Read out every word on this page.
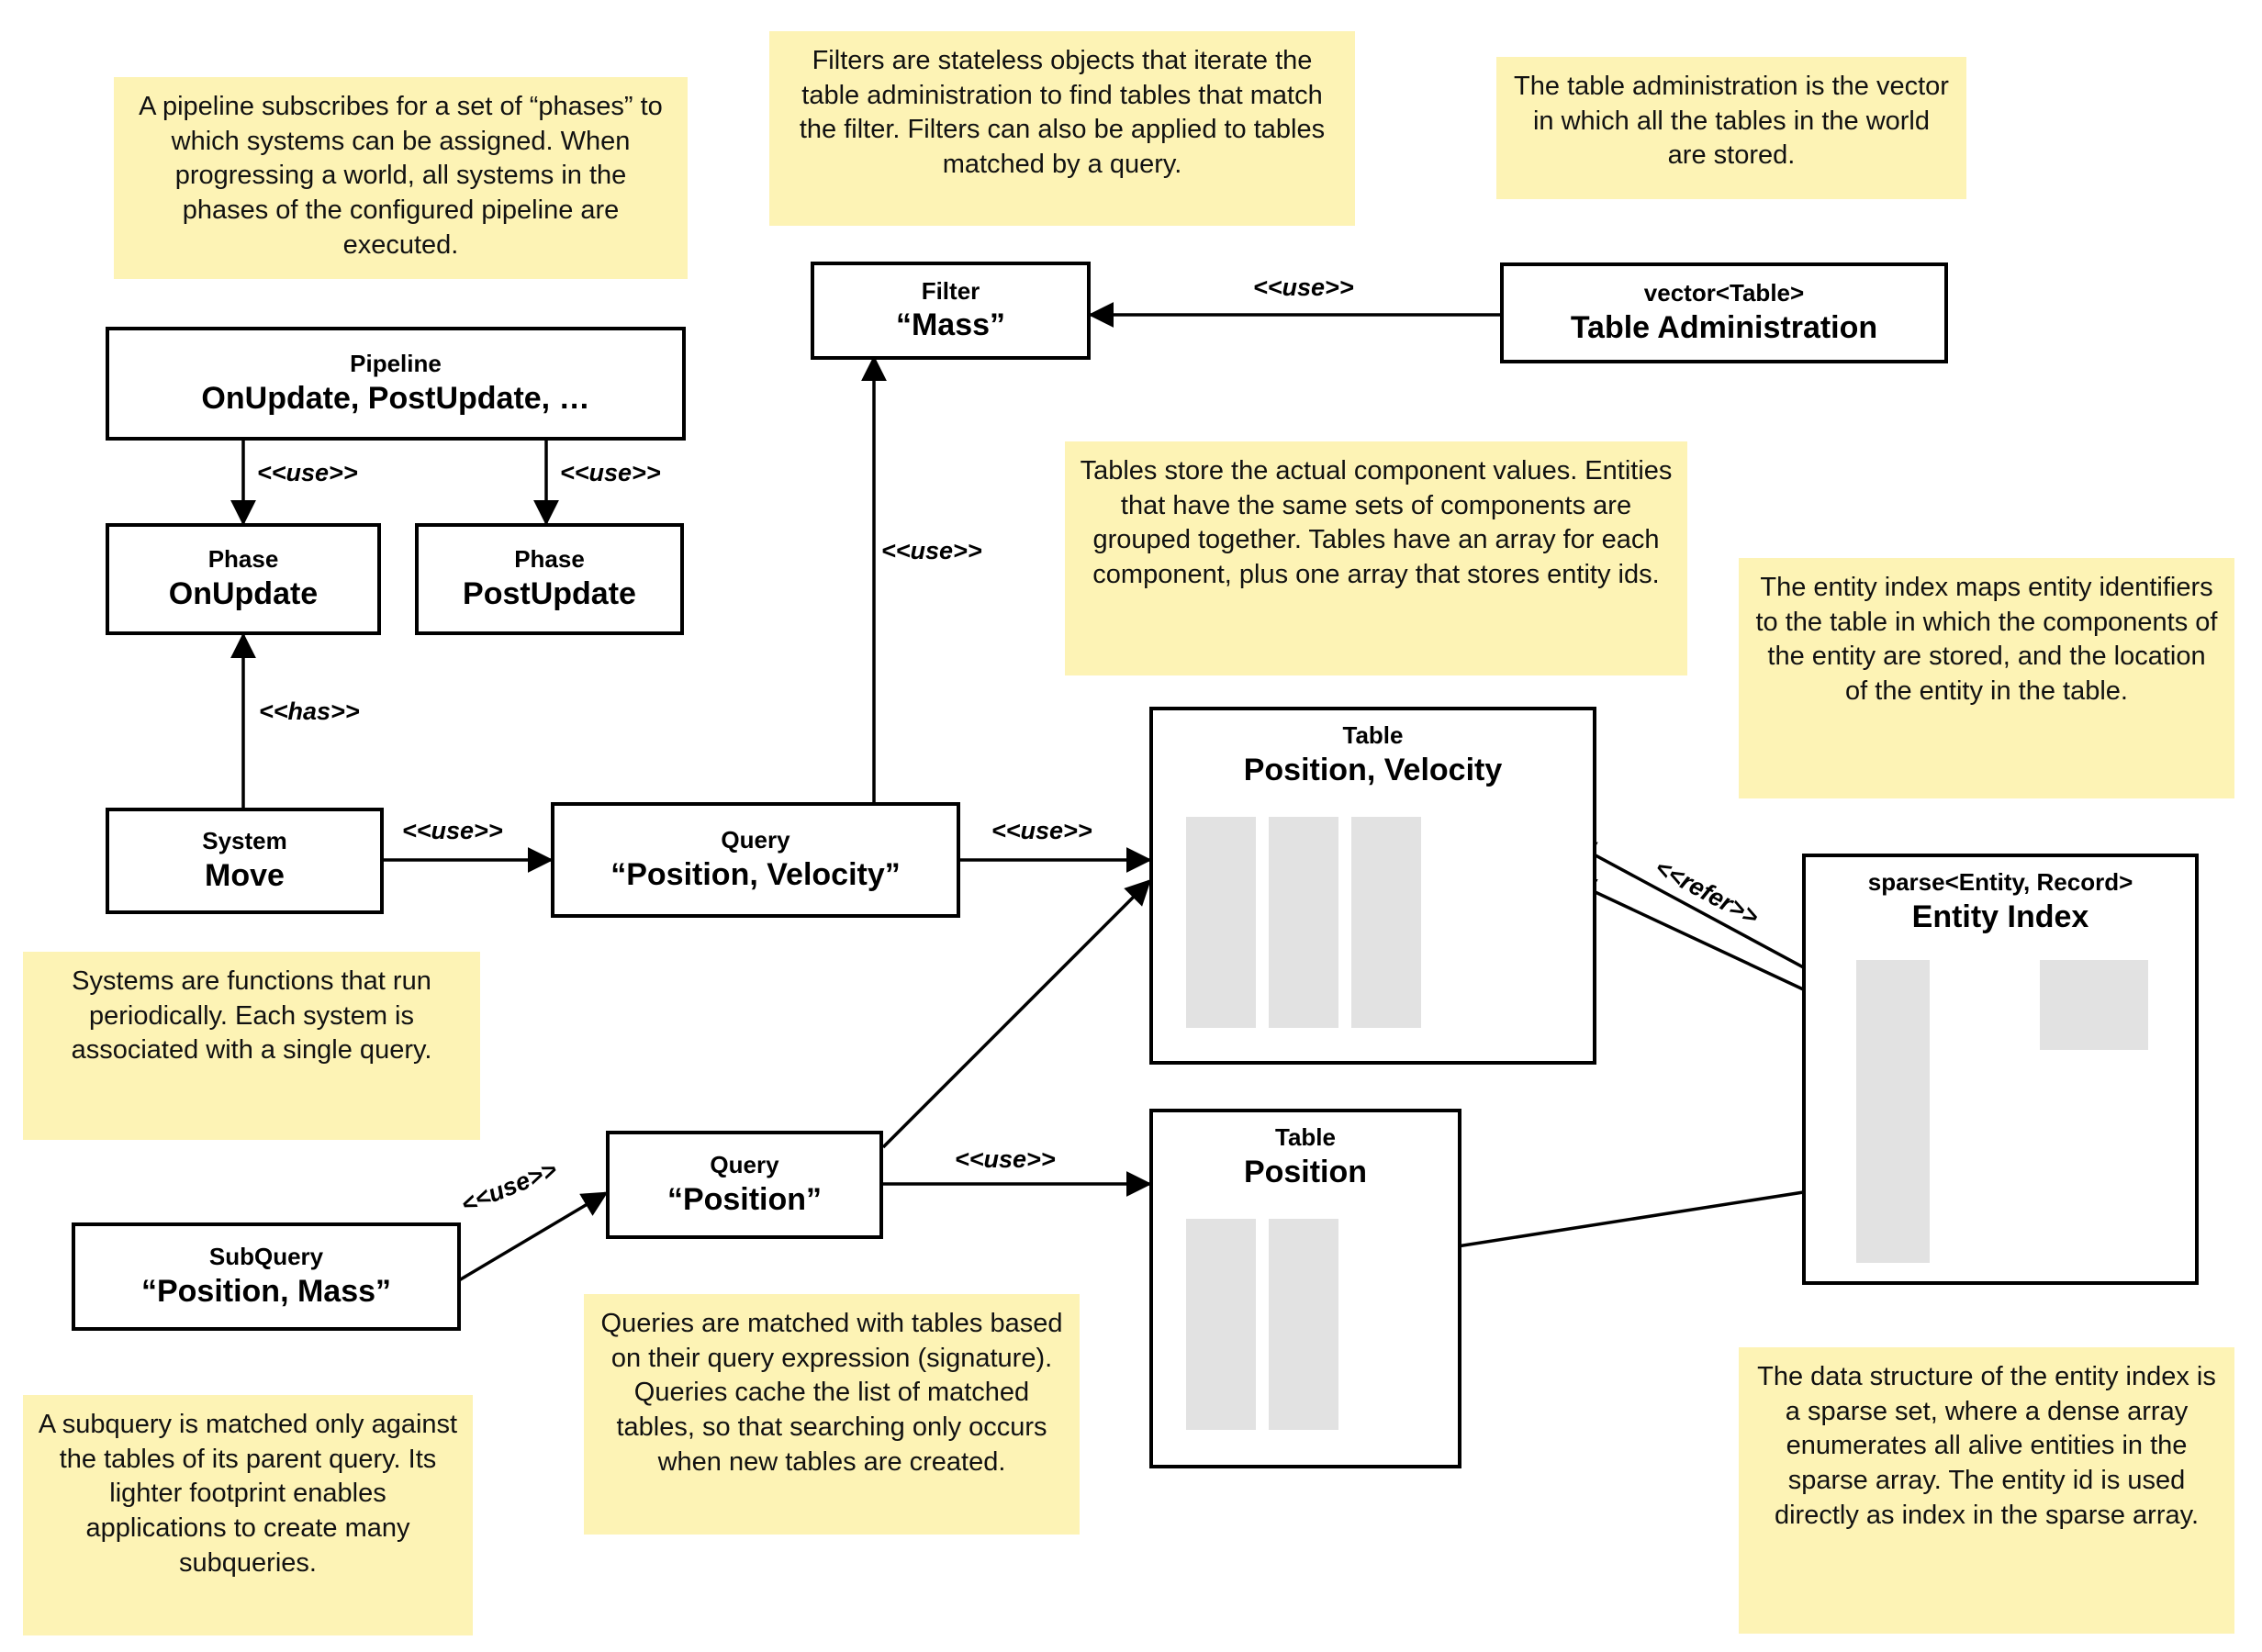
A pipeline subscribes for a set of “phases” to which systems can be assigned. When progressing a world, all systems in the phases of the configured pipeline are executed.
Filters are stateless objects that iterate the table administration to find tables that match the filter. Filters can also be applied to tables matched by a query.
The table administration is the vector in which all the tables in the world are stored.
Tables store the actual component values. Entities that have the same sets of components are grouped together. Tables have an array for each component, plus one array that stores entity ids.	The entity index maps entity identifiers to the table in which the components of the entity are stored, and the location of the entity in the table.
Systems are functions that run periodically. Each system is associated with a single query.
Queries are matched with tables based on their query expression (signature). Queries cache the list of matched tables, so that searching only occurs when new tables are created.
A subquery is matched only against the tables of its parent query. Its lighter footprint enables applications to create many subqueries.
The data structure of the entity index is a sparse set, where a dense array enumerates all alive entities in the sparse array. The entity id is used directly as index in the sparse array.
Pipeline
OnUpdate, PostUpdate, …
Phase
OnUpdate
Phase
PostUpdate
System
Move
Query
“Position, Velocity”
Query
“Position”
SubQuery
“Position, Mass”
Filter
“Mass”
vector<Table>
Table Administration
Table
Position, Velocity
Table
Position
sparse<Entity, Record>
Entity Index
<<use>>	<<use>>
<<has>>
<<use>>
<<use>>
<<use>>
<<use>>
<<use>>
<<use>>
<<refer>>
